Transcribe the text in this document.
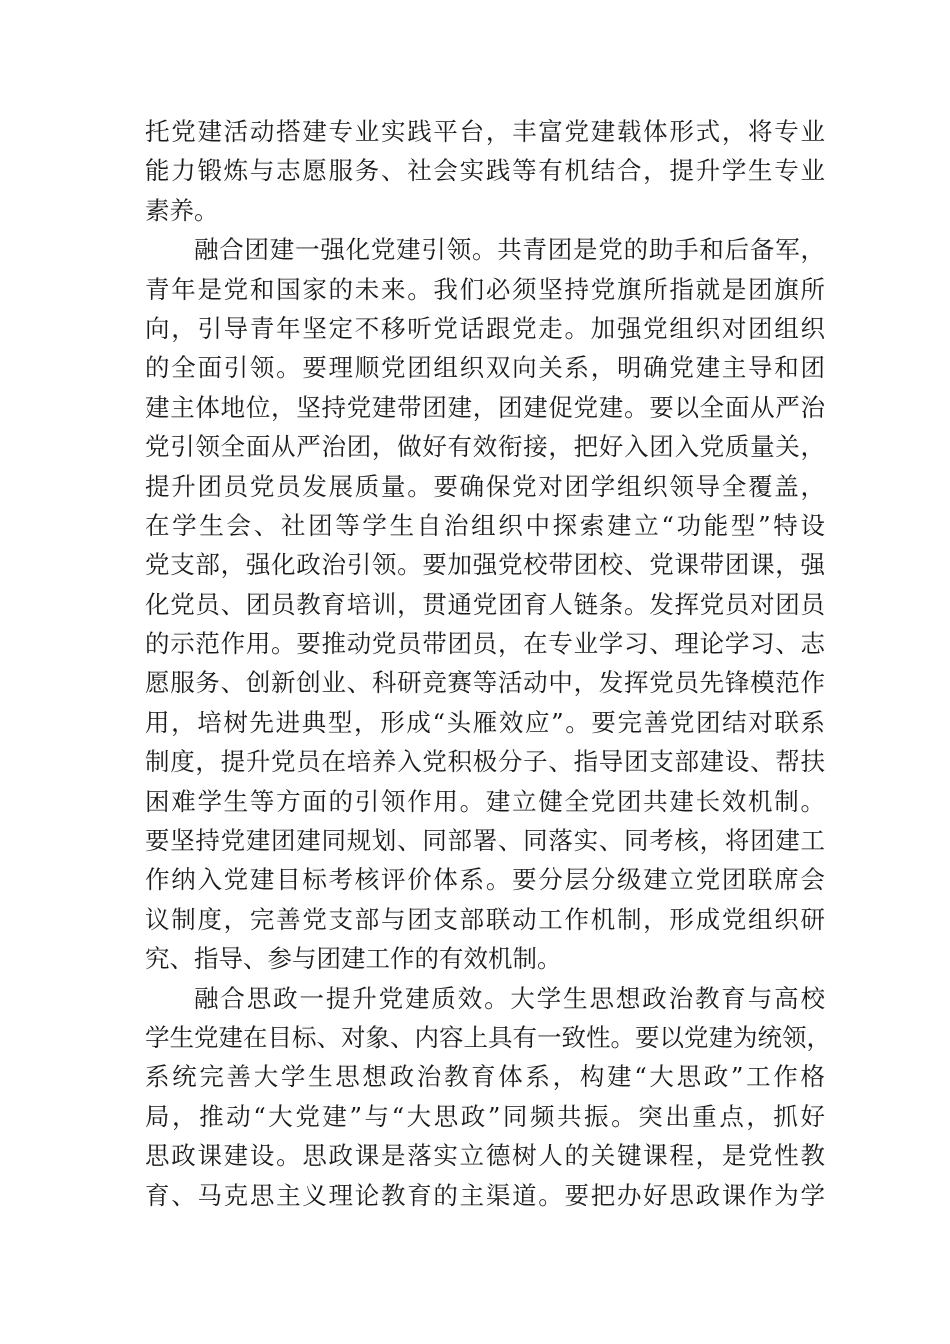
托党建活动搭建专业实践平台，丰富党建载体形式，将专业
能力锻炼与志愿服务、社会实践等有机结合，提升学生专业
素养。
融合团建一强化党建引领。共青团是党的助手和后备军，
青年是党和国家的未来。我们必须坚持党旗所指就是团旗所
向，引导青年坚定不移听党话跟党走。加强党组织对团组织
的全面引领。要理顺党团组织双向关系，明确党建主导和团
建主体地位，坚持党建带团建，团建促党建。要以全面从严治
党引领全面从严治团，做好有效衔接，把好入团入党质量关，
提升团员党员发展质量。要确保党对团学组织领导全覆盖，
在学生会、社团等学生自治组织中探索建立“功能型”特设
党支部，强化政治引领。要加强党校带团校、党课带团课，强
化党员、团员教育培训，贯通党团育人链条。发挥党员对团员
的示范作用。要推动党员带团员，在专业学习、理论学习、志
愿服务、创新创业、科研竞赛等活动中，发挥党员先锋模范作
用，培树先进典型，形成“头雁效应”。要完善党团结对联系
制度，提升党员在培养入党积极分子、指导团支部建设、帮扶
困难学生等方面的引领作用。建立健全党团共建长效机制。
要坚持党建团建同规划、同部署、同落实、同考核，将团建工
作纳入党建目标考核评价体系。要分层分级建立党团联席会
议制度，完善党支部与团支部联动工作机制，形成党组织研
究、指导、参与团建工作的有效机制。
融合思政一提升党建质效。大学生思想政治教育与高校
学生党建在目标、对象、内容上具有一致性。要以党建为统领，
系统完善大学生思想政治教育体系，构建“大思政”工作格
局，推动“大党建”与“大思政”同频共振。突出重点，抓好
思政课建设。思政课是落实立德树人的关键课程，是党性教
育、马克思主义理论教育的主渠道。要把办好思政课作为学
